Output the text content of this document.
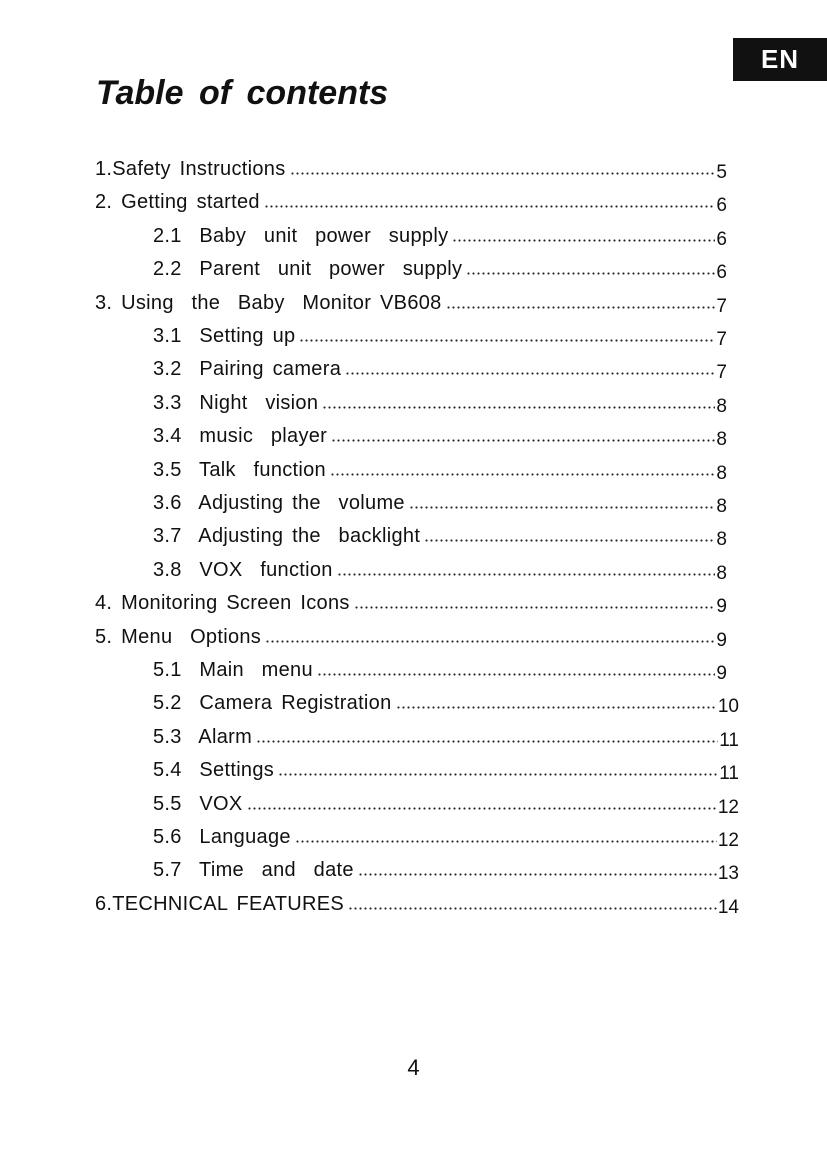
EN
Table of contents
1.Safety Instructions	5
2. Getting started	6
2.1  Baby  unit  power  supply	6
2.2  Parent  unit  power  supply	6
3. Using  the  Baby  Monitor VB608	7
3.1  Setting up	7
3.2  Pairing camera	7
3.3  Night  vision	8
3.4  music  player	8
3.5  Talk  function	8
3.6  Adjusting the  volume	8
3.7  Adjusting the  backlight	8
3.8  VOX  function	8
4. Monitoring Screen Icons	9
5. Menu  Options	9
5.1  Main  menu	9
5.2  Camera Registration	10
5.3  Alarm	11
5.4  Settings	11
5.5  VOX	12
5.6  Language	12
5.7  Time  and  date	13
6.TECHNICAL FEATURES	14
4
